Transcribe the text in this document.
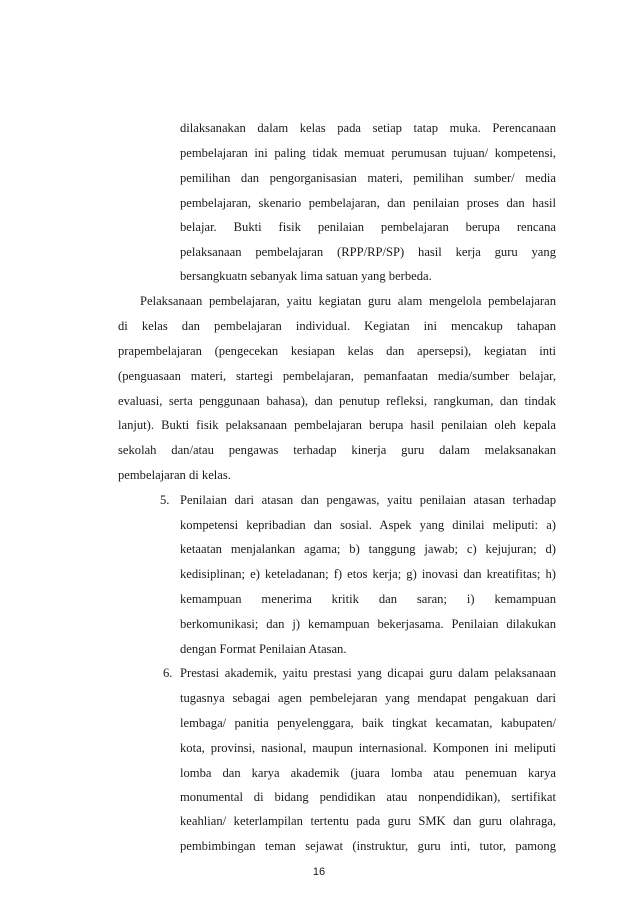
dilaksanakan dalam kelas pada setiap tatap muka. Perencanaan
pembelajaran ini paling tidak memuat perumusan tujuan/ kompetensi,
pemilihan dan pengorganisasian materi, pemilihan sumber/ media
pembelajaran, skenario pembelajaran, dan penilaian proses dan hasil
belajar. Bukti fisik penilaian pembelajaran berupa rencana
pelaksanaan pembelajaran (RPP/RP/SP) hasil kerja guru yang
bersangkuatn sebanyak lima satuan yang berbeda.
Pelaksanaan pembelajaran, yaitu kegiatan guru alam mengelola pembelajaran
di kelas dan pembelajaran individual. Kegiatan ini mencakup tahapan
prapembelajaran (pengecekan kesiapan kelas dan apersepsi), kegiatan inti
(penguasaan materi, startegi pembelajaran, pemanfaatan media/sumber belajar,
evaluasi, serta penggunaan bahasa), dan penutup refleksi, rangkuman, dan tindak
lanjut). Bukti fisik pelaksanaan pembelajaran berupa hasil penilaian oleh kepala
sekolah dan/atau pengawas terhadap kinerja guru dalam melaksanakan
pembelajaran di kelas.
5. Penilaian dari atasan dan pengawas, yaitu penilaian atasan terhadap
kompetensi kepribadian dan sosial. Aspek yang dinilai meliputi: a)
ketaatan menjalankan agama; b) tanggung jawab; c) kejujuran; d)
kedisiplinan; e) keteladanan; f) etos kerja; g) inovasi dan kreatifitas; h)
kemampuan menerima kritik dan saran; i) kemampuan
berkomunikasi; dan j) kemampuan bekerjasama. Penilaian dilakukan
dengan Format Penilaian Atasan.
6. Prestasi akademik, yaitu prestasi yang dicapai guru dalam pelaksanaan
tugasnya sebagai agen pembelejaran yang mendapat pengakuan dari
lembaga/ panitia penyelenggara, baik tingkat kecamatan, kabupaten/
kota, provinsi, nasional, maupun internasional. Komponen ini meliputi
lomba dan karya akademik (juara lomba atau penemuan karya
monumental di bidang pendidikan atau nonpendidikan), sertifikat
keahlian/ keterlampilan tertentu pada guru SMK dan guru olahraga,
pembimbingan teman sejawat (instruktur, guru inti, tutor, pamong
16
